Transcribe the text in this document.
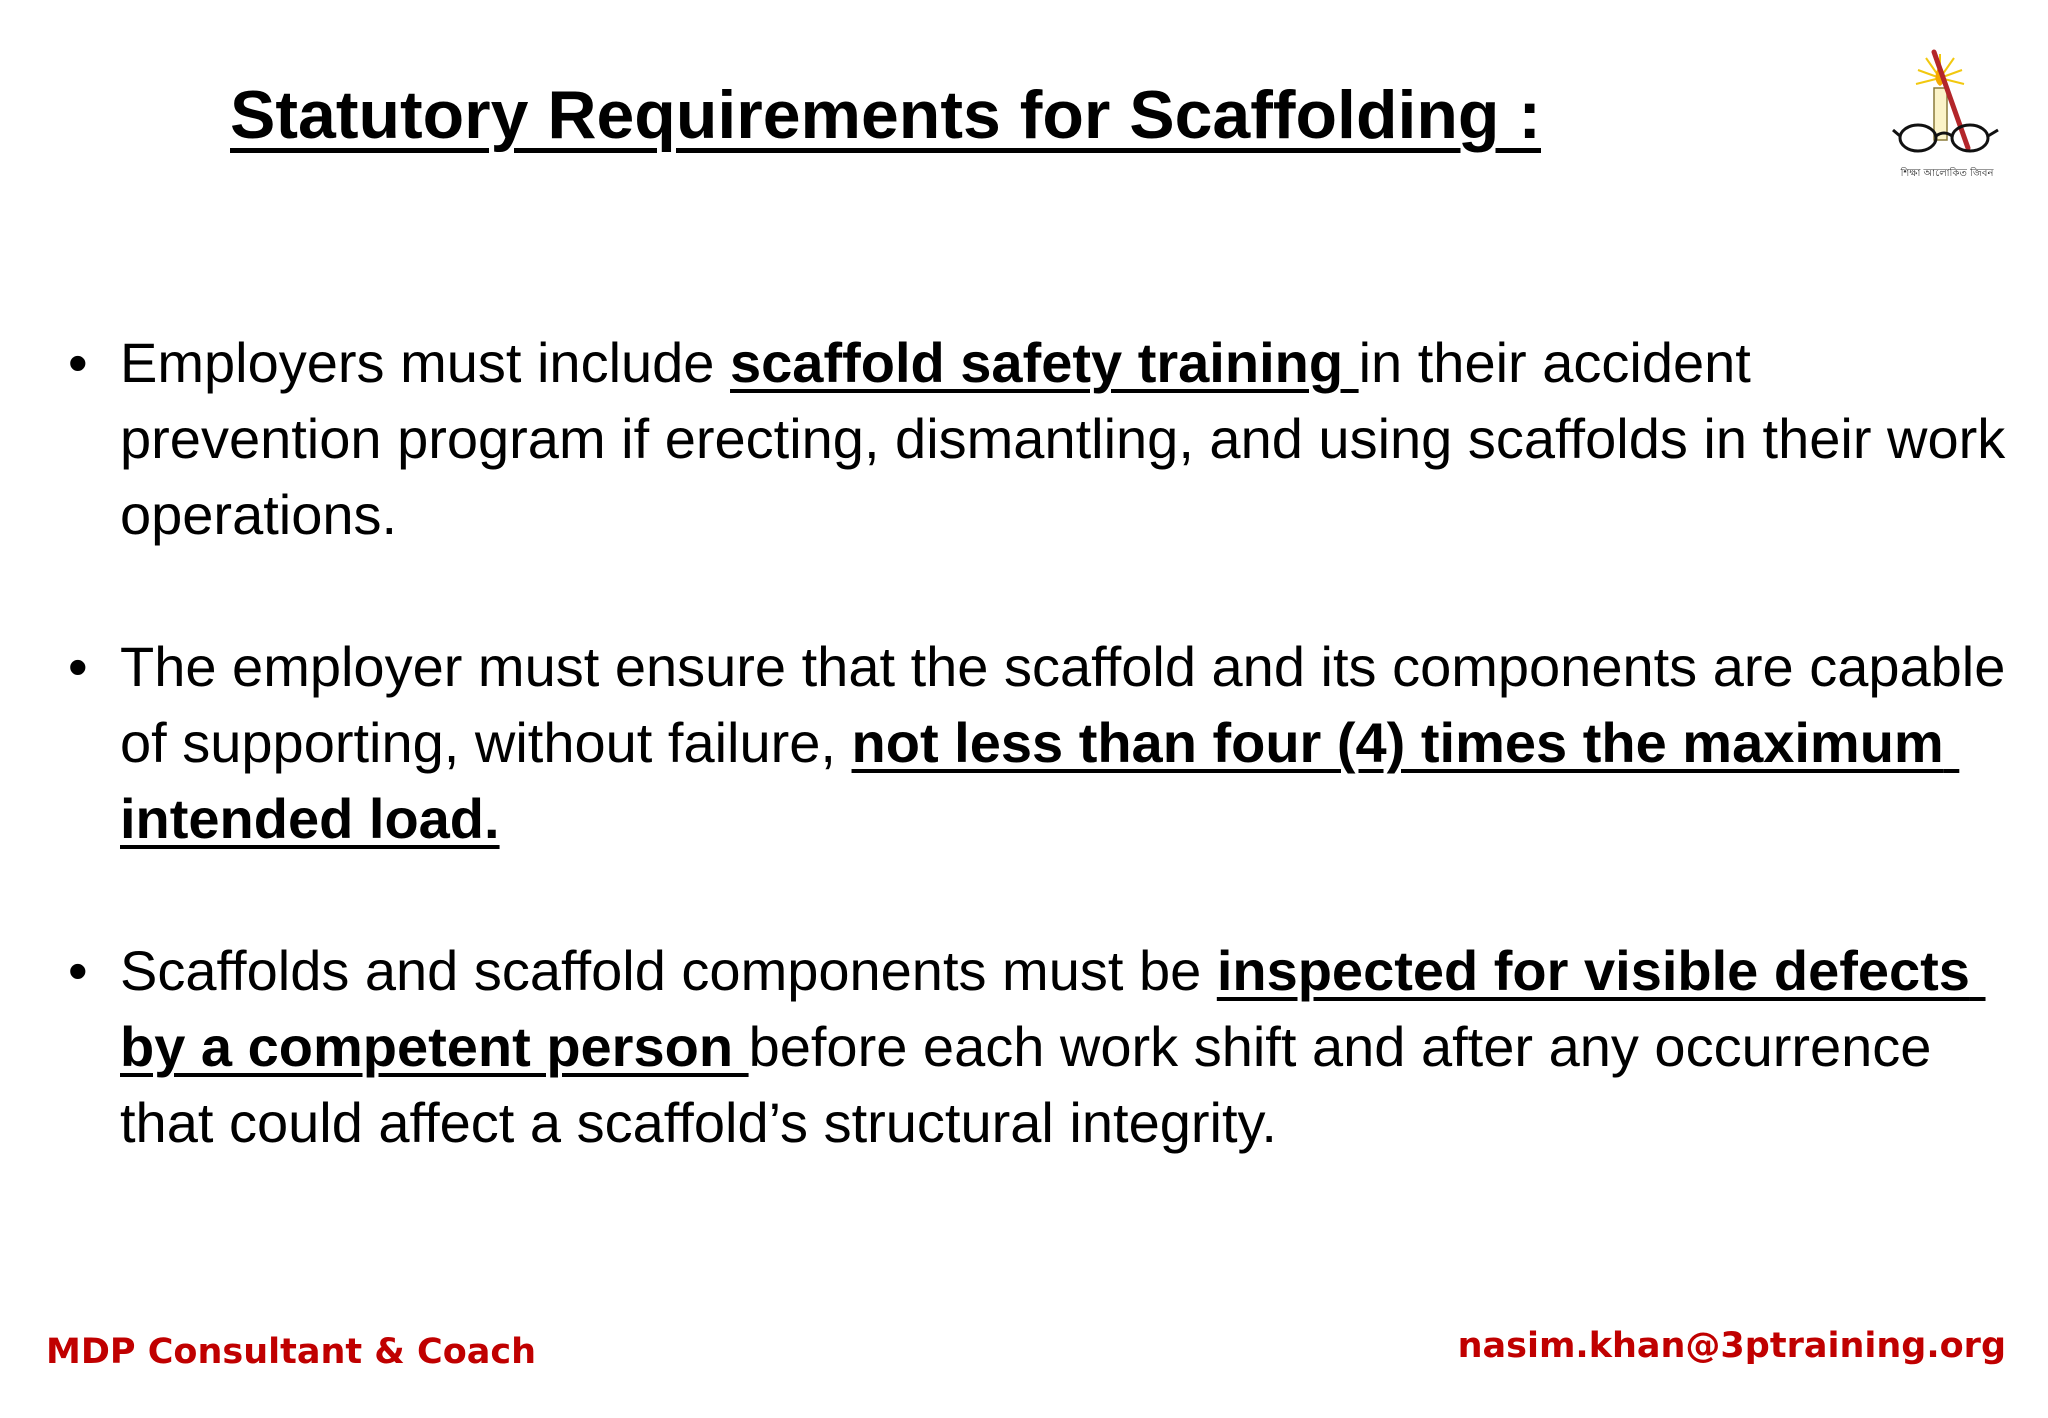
Statutory Requirements for Scaffolding :
শিক্ষা আলোকিত জিবন
• Employers must include scaffold safety training in their accident prevention program if erecting, dismantling, and using scaffolds in their work operations.
• The employer must ensure that the scaffold and its components are capable of supporting, without failure, not less than four (4) times the maximum intended load.
• Scaffolds and scaffold components must be inspected for visible defects by a competent person before each work shift and after any occurrence that could affect a scaffold’s structural integrity.
MDP Consultant & Coach	nasim.khan@3ptraining.org
